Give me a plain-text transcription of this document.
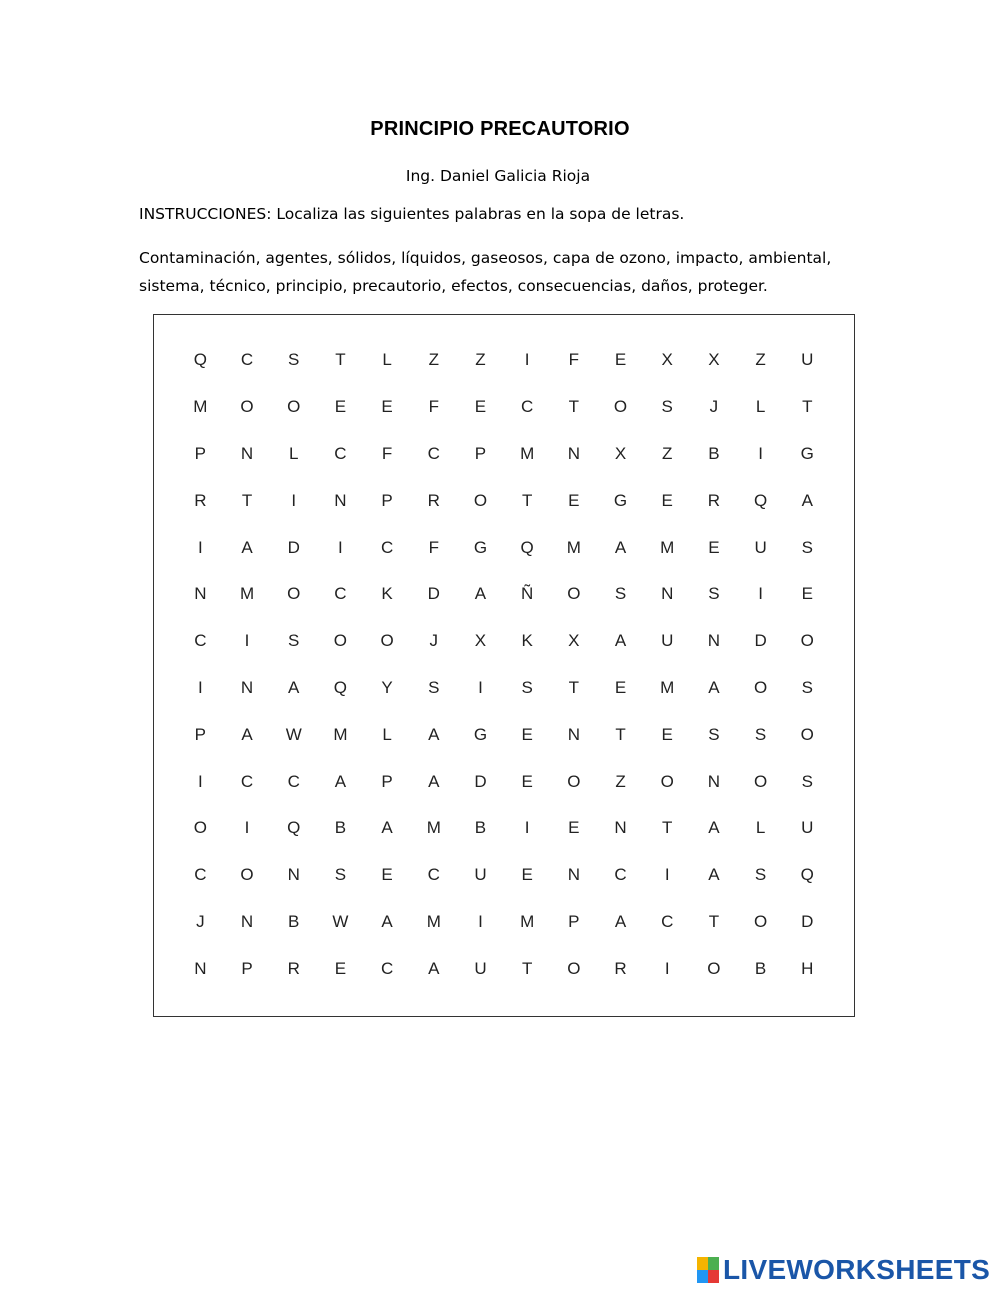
PRINCIPIO PRECAUTORIO
Ing. Daniel Galicia Rioja
INSTRUCCIONES: Localiza las siguientes palabras en la sopa de letras.
Contaminación, agentes, sólidos, líquidos, gaseosos, capa de ozono, impacto, ambiental, sistema, técnico, principio, precautorio, efectos, consecuencias, daños, proteger.
Q	C	S	T	L	Z	Z	I	F	E	X	X	Z	U
M	O	O	E	E	F	E	C	T	O	S	J	L	T
P	N	L	C	F	C	P	M	N	X	Z	B	I	G
R	T	I	N	P	R	O	T	E	G	E	R	Q	A
I	A	D	I	C	F	G	Q	M	A	M	E	U	S
N	M	O	C	K	D	A	Ñ	O	S	N	S	I	E
C	I	S	O	O	J	X	K	X	A	U	N	D	O
I	N	A	Q	Y	S	I	S	T	E	M	A	O	S
P	A	W	M	L	A	G	E	N	T	E	S	S	O
I	C	C	A	P	A	D	E	O	Z	O	N	O	S
O	I	Q	B	A	M	B	I	E	N	T	A	L	U
C	O	N	S	E	C	U	E	N	C	I	A	S	Q
J	N	B	W	A	M	I	M	P	A	C	T	O	D
N	P	R	E	C	A	U	T	O	R	I	O	B	H
LIVEWORKSHEETS
